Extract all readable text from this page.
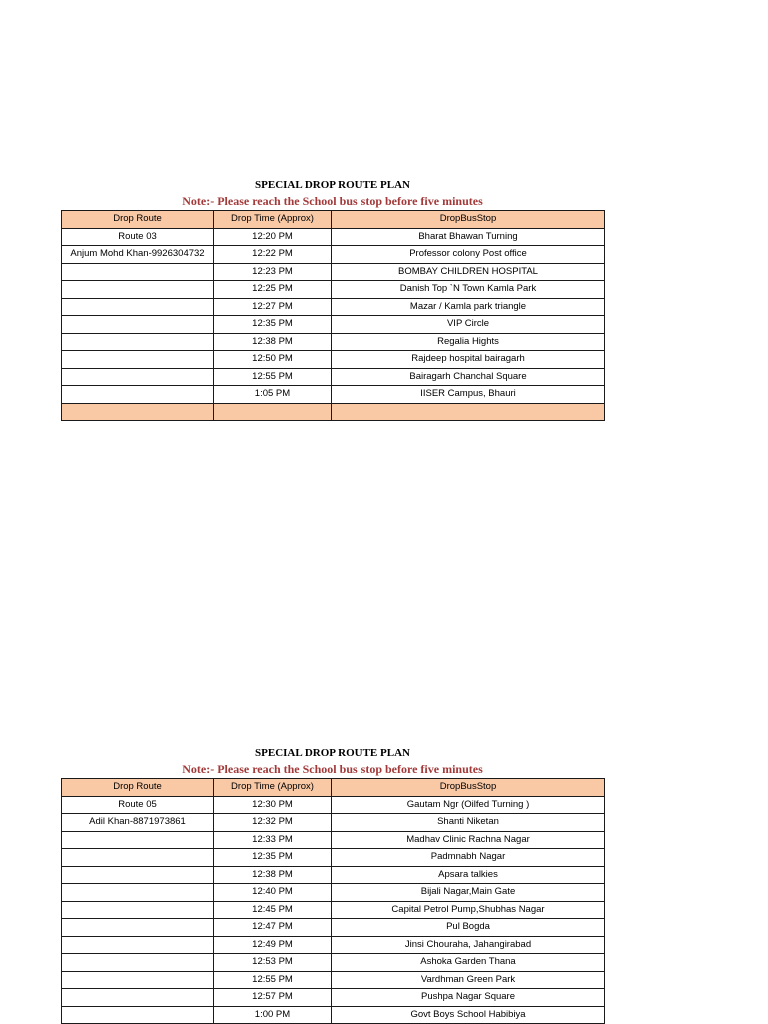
SPECIAL DROP ROUTE PLAN
Note:- Please reach the School bus stop before five minutes
Drop Route	Drop Time (Approx)	DropBusStop
Route 03	12:20 PM	Bharat Bhawan Turning
Anjum Mohd Khan-9926304732	12:22 PM	Professor colony Post office
	12:23 PM	BOMBAY CHILDREN HOSPITAL
	12:25 PM	Danish Top `N Town Kamla Park
	12:27 PM	Mazar / Kamla park triangle
	12:35 PM	VIP Circle
	12:38 PM	Regalia Hights
	12:50 PM	Rajdeep hospital bairagarh
	12:55 PM	Bairagarh Chanchal Square
	1:05 PM	IISER Campus, Bhauri

SPECIAL DROP ROUTE PLAN
Note:- Please reach the School bus stop before five minutes
Drop Route	Drop Time (Approx)	DropBusStop
Route 05	12:30 PM	Gautam Ngr (Oilfed Turning )
Adil Khan-8871973861	12:32 PM	Shanti Niketan
	12:33 PM	Madhav Clinic Rachna Nagar
	12:35 PM	Padmnabh Nagar
	12:38 PM	Apsara talkies
	12:40 PM	Bijali Nagar,Main Gate
	12:45 PM	Capital Petrol Pump,Shubhas Nagar
	12:47 PM	Pul Bogda
	12:49 PM	Jinsi Chouraha, Jahangirabad
	12:53 PM	Ashoka Garden Thana
	12:55 PM	Vardhman Green Park
	12:57 PM	Pushpa Nagar Square
	1:00 PM	Govt Boys School Habibiya
